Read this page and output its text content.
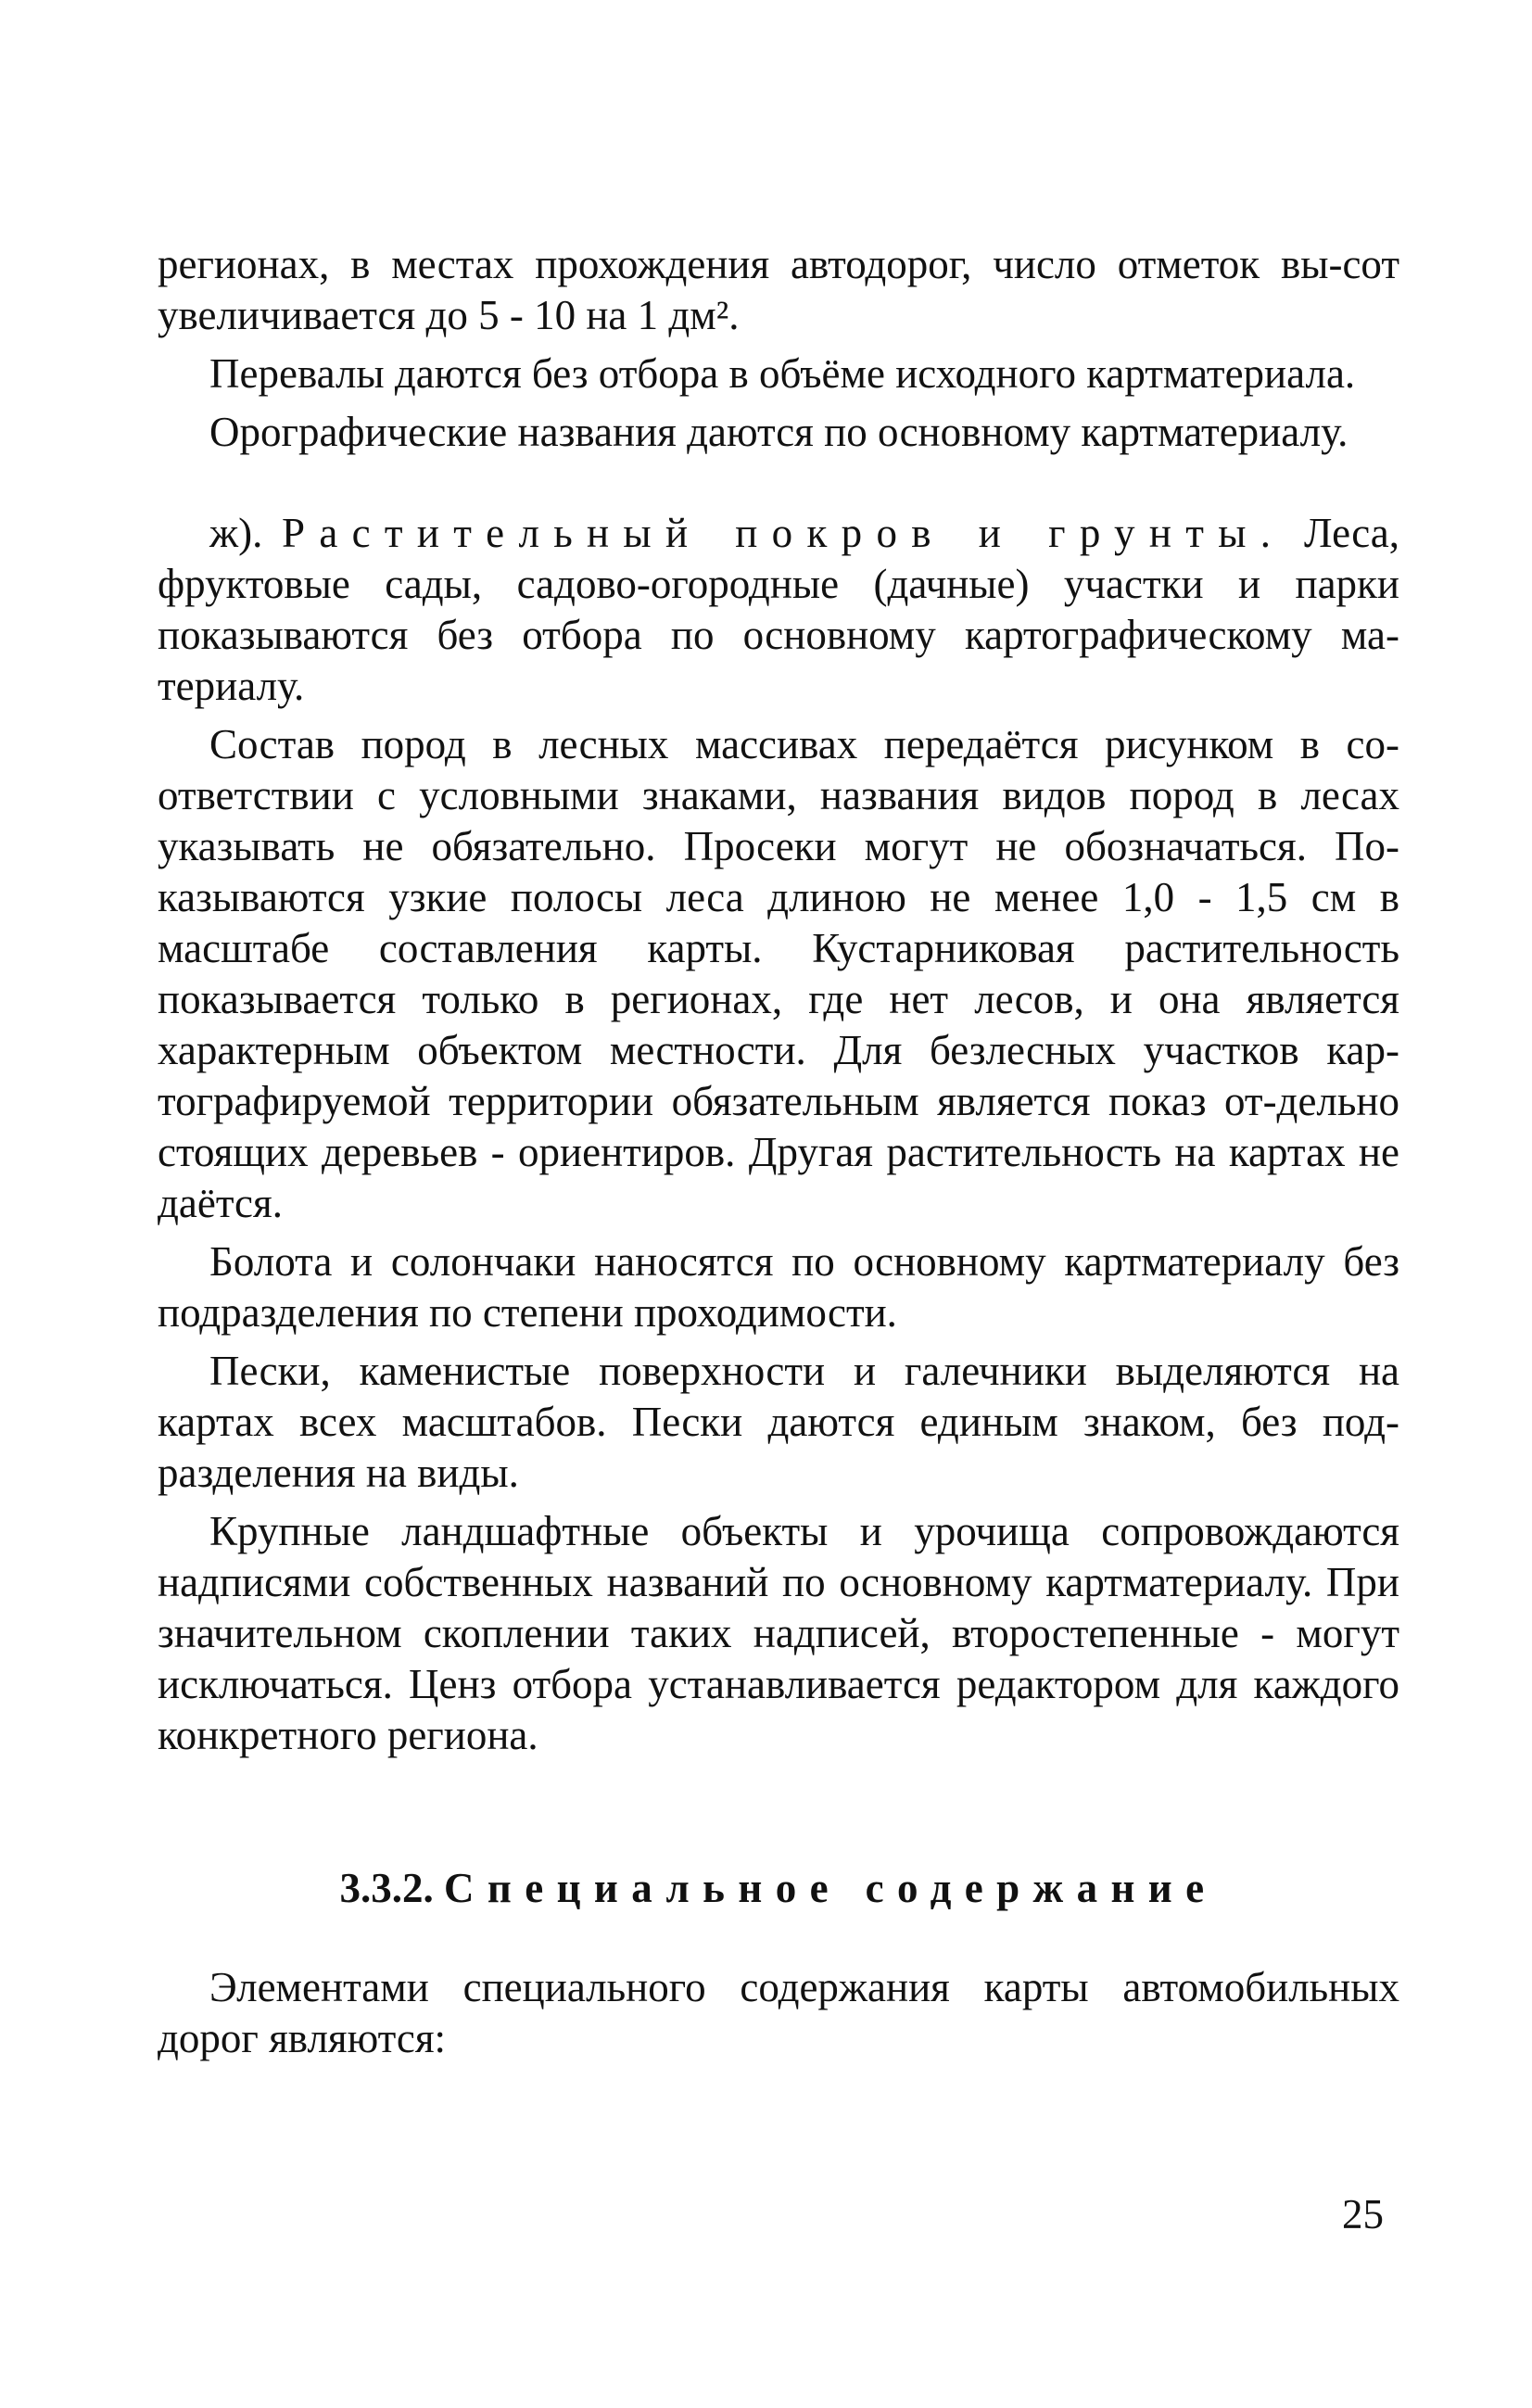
регионах, в местах прохождения автодорог, число отметок вы-сот увеличивается до 5 - 10 на 1 дм².

Перевалы даются без отбора в объёме исходного картматериала.

Орографические названия даются по основному картматериалу.

ж). Растительный покров и грунты. Леса, фруктовые сады, садово-огородные (дачные) участки и парки показываются без отбора по основному картографическому ма-териалу.

Состав пород в лесных массивах передаётся рисунком в со-ответствии с условными знаками, названия видов пород в лесах указывать не обязательно. Просеки могут не обозначаться. По-казываются узкие полосы леса длиною не менее 1,0 - 1,5 см в масштабе составления карты. Кустарниковая растительность показывается только в регионах, где нет лесов, и она является характерным объектом местности. Для безлесных участков кар-тографируемой территории обязательным является показ от-дельно стоящих деревьев - ориентиров. Другая растительность на картах не даётся.

Болота и солончаки наносятся по основному картматериалу без подразделения по степени проходимости.

Пески, каменистые поверхности и галечники выделяются на картах всех масштабов. Пески даются единым знаком, без под-разделения на виды.

Крупные ландшафтные объекты и урочища сопровождаются надписями собственных названий по основному картматериалу. При значительном скоплении таких надписей, второстепенные - могут исключаться. Ценз отбора устанавливается редактором для каждого конкретного региона.

3.3.2. Специальное содержание

Элементами специального содержания карты автомобильных дорог являются:

25
